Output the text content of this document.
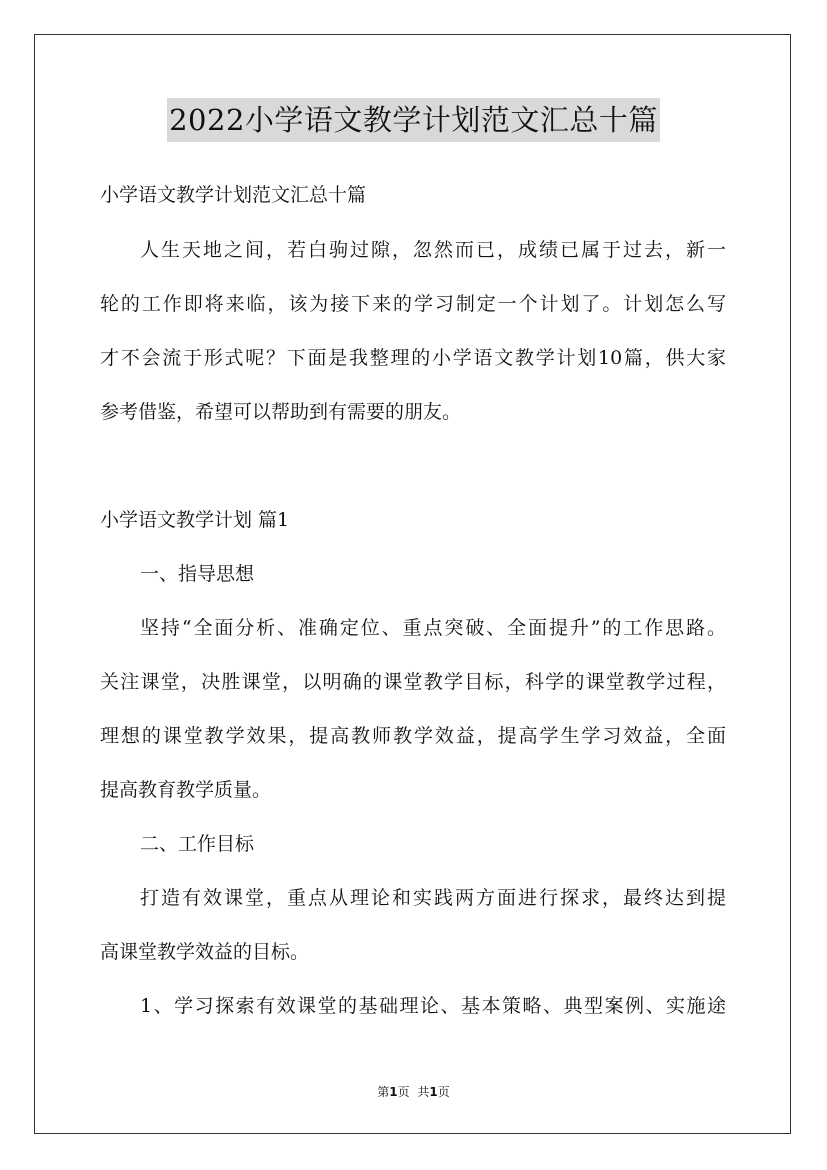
2022小学语文教学计划范文汇总十篇
小学语文教学计划范文汇总十篇
人生天地之间，若白驹过隙，忽然而已，成绩已属于过去，新一
轮的工作即将来临，该为接下来的学习制定一个计划了。计划怎么写
才不会流于形式呢？下面是我整理的小学语文教学计划10篇，供大家
参考借鉴，希望可以帮助到有需要的朋友。
小学语文教学计划 篇1
一、指导思想
坚持“全面分析、准确定位、重点突破、全面提升”的工作思路。
关注课堂，决胜课堂，以明确的课堂教学目标，科学的课堂教学过程，
理想的课堂教学效果，提高教师教学效益，提高学生学习效益，全面
提高教育教学质量。
二、工作目标
打造有效课堂，重点从理论和实践两方面进行探求，最终达到提
高课堂教学效益的目标。
1、学习探索有效课堂的基础理论、基本策略、典型案例、实施途
第1页 共1页
